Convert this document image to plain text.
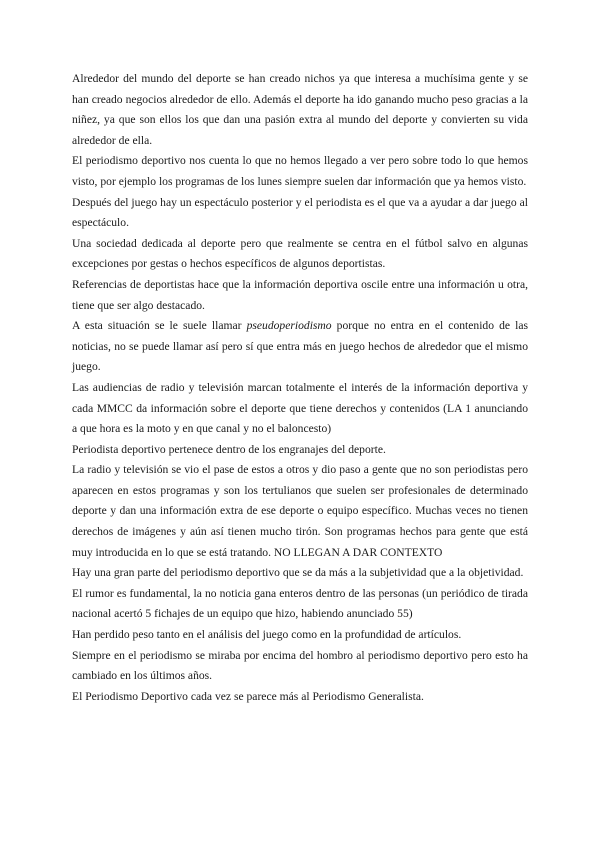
Alrededor del mundo del deporte se han creado nichos ya que interesa a muchísima gente y se han creado negocios alrededor de ello. Además el deporte ha ido ganando mucho peso gracias a la niñez, ya que son ellos los que dan una pasión extra al mundo del deporte y convierten su vida alrededor de ella.

El periodismo deportivo nos cuenta lo que no hemos llegado a ver pero sobre todo lo que hemos visto, por ejemplo los programas de los lunes siempre suelen dar información que ya hemos visto.

Después del juego hay un espectáculo posterior y el periodista es el que va a ayudar a dar juego al espectáculo.

Una sociedad dedicada al deporte pero que realmente se centra en el fútbol salvo en algunas excepciones por gestas o hechos específicos de algunos deportistas.

Referencias de deportistas hace que la información deportiva oscile entre una información u otra, tiene que ser algo destacado.

A esta situación se le suele llamar pseudoperiodismo porque no entra en el contenido de las noticias, no se puede llamar así pero sí que entra más en juego hechos de alrededor que el mismo juego.

Las audiencias de radio y televisión marcan totalmente el interés de la información deportiva y cada MMCC da información sobre el deporte que tiene derechos y contenidos (LA 1 anunciando a que hora es la moto y en que canal y no el baloncesto)

Periodista deportivo pertenece dentro de los engranajes del deporte.

La radio y televisión se vio el pase de estos a otros y dio paso a gente que no son periodistas pero aparecen en estos programas y son los tertulianos que suelen ser profesionales de determinado deporte y dan una información extra de ese deporte o equipo específico. Muchas veces no tienen derechos de imágenes y aún así tienen mucho tirón. Son programas hechos para gente que está muy introducida en lo que se está tratando. NO LLEGAN A DAR CONTEXTO

Hay una gran parte del periodismo deportivo que se da más a la subjetividad que a la objetividad.

El rumor es fundamental, la no noticia gana enteros dentro de las personas (un periódico de tirada nacional acertó 5 fichajes de un equipo que hizo, habiendo anunciado 55)

Han perdido peso tanto en el análisis del juego como en la profundidad de artículos.

Siempre en el periodismo se miraba por encima del hombro al periodismo deportivo pero esto ha cambiado en los últimos años.

El Periodismo Deportivo cada vez se parece más al Periodismo Generalista.
